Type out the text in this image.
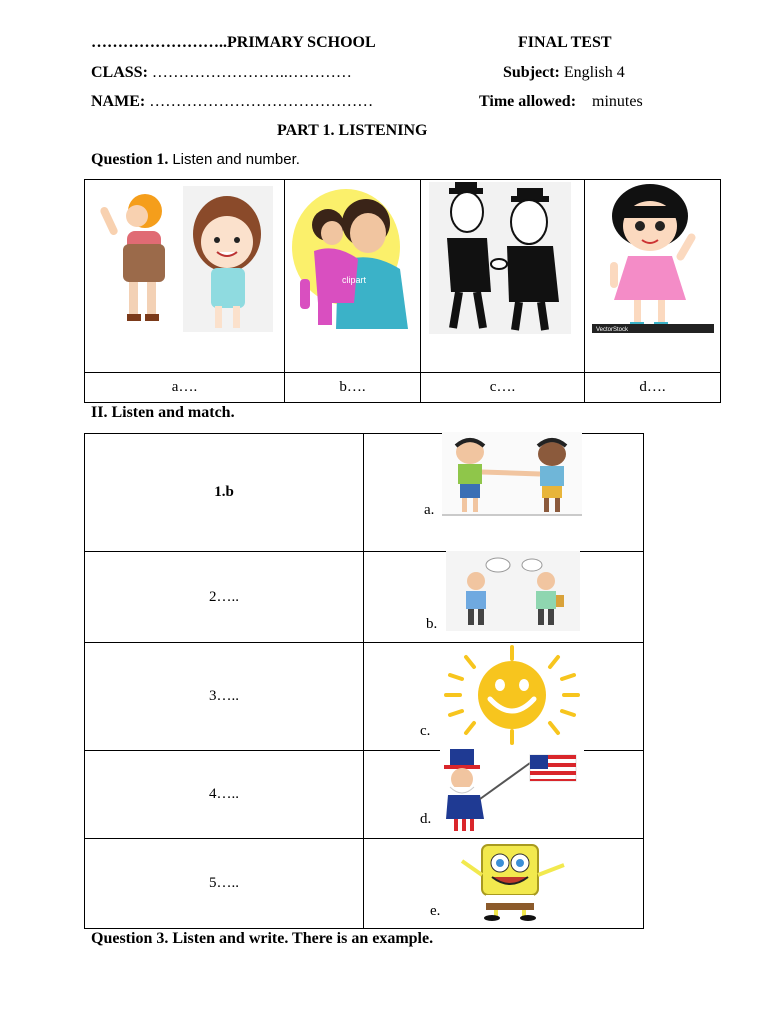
……………………..PRIMARY SCHOOL	FINAL TEST
CLASS: ……………………..…………	Subject: English 4
NAME: ……………………………………	Time allowed: minutes
PART 1. LISTENING
Question 1. Listen and number.

clipart		VectorStock

a….	b….	c….	d….
II. Listen and match.
1.b	a.

2…..	b.

3…..	c.

4…..	d.

5…..	e.
Question 3. Listen and write. There is an example.
